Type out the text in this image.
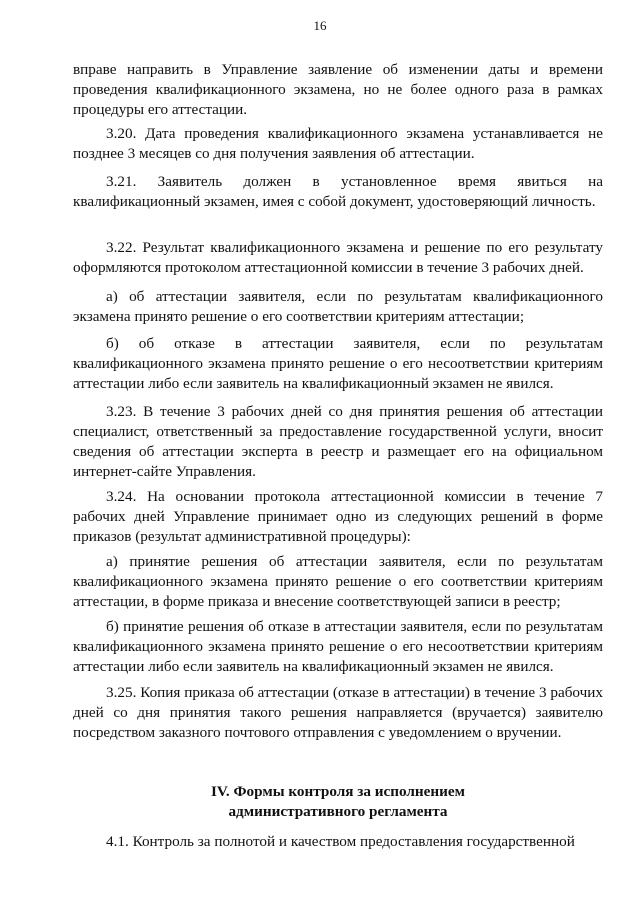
16

вправе направить в Управление заявление об изменении даты и времени проведения квалификационного экзамена, но не более одного раза в рамках процедуры его аттестации.

3.20. Дата проведения квалификационного экзамена устанавливается не позднее 3 месяцев со дня получения заявления об аттестации.

3.21. Заявитель должен в установленное время явиться на квалификационный экзамен, имея с собой документ, удостоверяющий личность.

3.22. Результат квалификационного экзамена и решение по его результату оформляются протоколом аттестационной комиссии в течение 3 рабочих дней.

а) об аттестации заявителя, если по результатам квалификационного экзамена принято решение о его соответствии критериям аттестации;

б) об отказе в аттестации заявителя, если по результатам квалификационного экзамена принято решение о его несоответствии критериям аттестации либо если заявитель на квалификационный экзамен не явился.

3.23. В течение 3 рабочих дней со дня принятия решения об аттестации специалист, ответственный за предоставление государственной услуги, вносит сведения об аттестации эксперта в реестр и размещает его на официальном интернет-сайте Управления.

3.24. На основании протокола аттестационной комиссии в течение 7 рабочих дней Управление принимает одно из следующих решений в форме приказов (результат административной процедуры):

а) принятие решения об аттестации заявителя, если по результатам квалификационного экзамена принято решение о его соответствии критериям аттестации, в форме приказа и внесение соответствующей записи в реестр;

б) принятие решения об отказе в аттестации заявителя, если по результатам квалификационного экзамена принято решение о его несоответствии критериям аттестации либо если заявитель на квалификационный экзамен не явился.

3.25. Копия приказа об аттестации (отказе в аттестации) в течение 3 рабочих дней со дня принятия такого решения направляется (вручается) заявителю посредством заказного почтового отправления с уведомлением о вручении.

IV. Формы контроля за исполнением

административного регламента

4.1. Контроль за полнотой и качеством предоставления государственной
